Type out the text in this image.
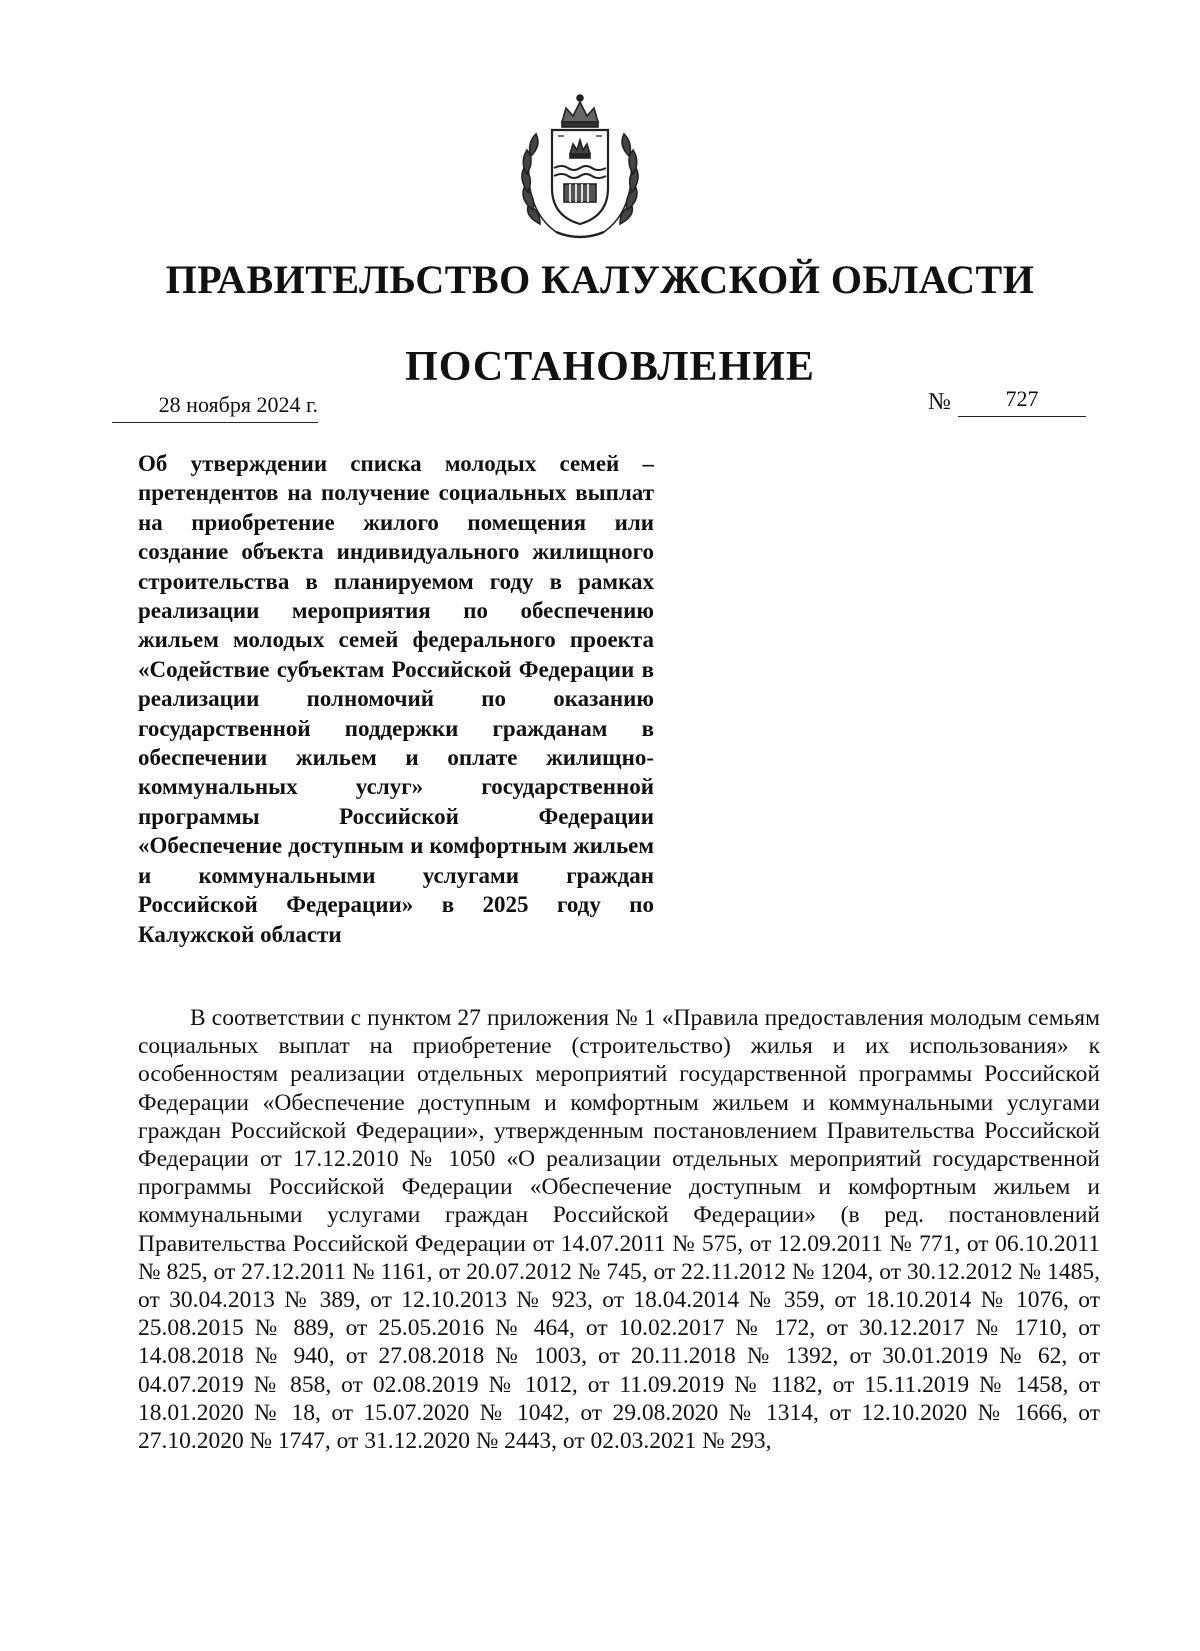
ПРАВИТЕЛЬСТВО КАЛУЖСКОЙ ОБЛАСТИ
ПОСТАНОВЛЕНИЕ
28 ноября 2024 г.	№	727
Об утверждении списка молодых семей – претендентов на получение социальных выплат на приобретение жилого помещения или создание объекта индивидуального жилищного строительства в планируемом году в рамках реализации мероприятия по обеспечению жильем молодых семей федерального проекта «Содействие субъектам Российской Федерации в реализации полномочий по оказанию государственной поддержки гражданам в обеспечении жильем и оплате жилищно-коммунальных услуг» государственной программы Российской Федерации «Обеспечение доступным и комфортным жильем и коммунальными услугами граждан Российской Федерации» в 2025 году по Калужской области
В соответствии с пунктом 27 приложения № 1 «Правила предоставления молодым семьям социальных выплат на приобретение (строительство) жилья и их использования» к особенностям реализации отдельных мероприятий государственной программы Российской Федерации «Обеспечение доступным и комфортным жильем и коммунальными услугами граждан Российской Федерации», утвержденным постановлением Правительства Российской Федерации от 17.12.2010 № 1050 «О реализации отдельных мероприятий государственной программы Российской Федерации «Обеспечение доступным и комфортным жильем и коммунальными услугами граждан Российской Федерации» (в ред. постановлений Правительства Российской Федерации от 14.07.2011 № 575, от 12.09.2011 № 771, от 06.10.2011 № 825, от 27.12.2011 № 1161, от 20.07.2012 № 745, от 22.11.2012 № 1204, от 30.12.2012 № 1485, от 30.04.2013 № 389, от 12.10.2013 № 923, от 18.04.2014 № 359, от 18.10.2014 № 1076, от 25.08.2015 № 889, от 25.05.2016 № 464, от 10.02.2017 № 172, от 30.12.2017 № 1710, от 14.08.2018 № 940, от 27.08.2018 № 1003, от 20.11.2018 № 1392, от 30.01.2019 № 62, от 04.07.2019 № 858, от 02.08.2019 № 1012, от 11.09.2019 № 1182, от 15.11.2019 № 1458, от 18.01.2020 № 18, от 15.07.2020 № 1042, от 29.08.2020 № 1314, от 12.10.2020 № 1666, от 27.10.2020 № 1747, от 31.12.2020 № 2443, от 02.03.2021 № 293,
